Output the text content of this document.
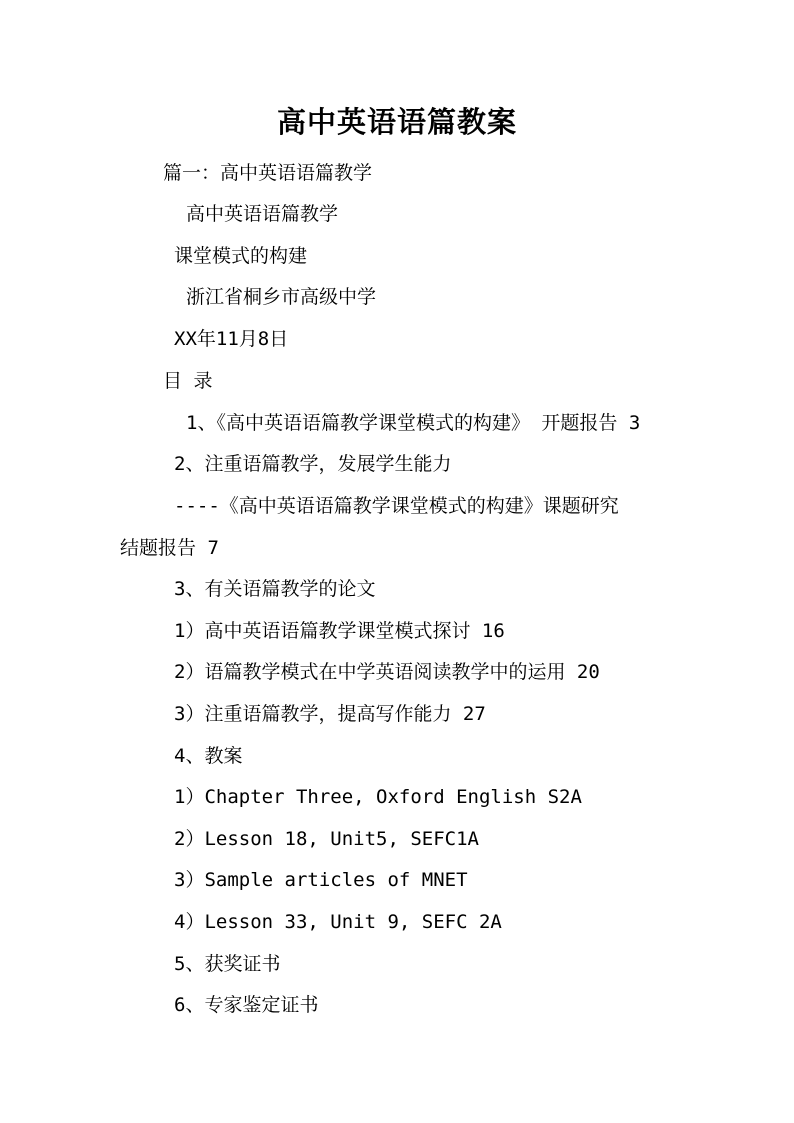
高中英语语篇教案
篇一：高中英语语篇教学
高中英语语篇教学
课堂模式的构建
浙江省桐乡市高级中学
XX年11月8日
目 录
1、《高中英语语篇教学课堂模式的构建》 开题报告 3
2、注重语篇教学，发展学生能力
----《高中英语语篇教学课堂模式的构建》课题研究
结题报告 7
3、有关语篇教学的论文
1）高中英语语篇教学课堂模式探讨 16
2）语篇教学模式在中学英语阅读教学中的运用 20
3）注重语篇教学，提高写作能力 27
4、教案
1）Chapter Three, Oxford English S2A
2）Lesson 18, Unit5, SEFC1A
3）Sample articles of MNET
4）Lesson 33, Unit 9, SEFC 2A
5、获奖证书
6、专家鉴定证书
